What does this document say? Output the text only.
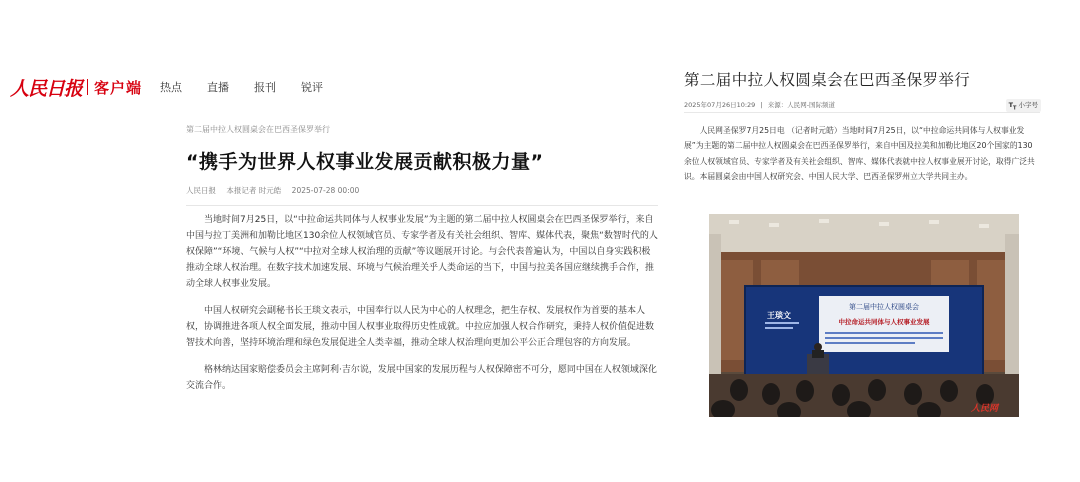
人民日报 客户端 热点 直播 报刊 锐评
第二届中拉人权圆桌会在巴西圣保罗举行
“携手为世界人权事业发展贡献积极力量”
人民日报 本报记者 时元皓 2025-07-28 00:00

当地时间7月25日，以“中拉命运共同体与人权事业发展”为主题的第二届中拉人权圆桌会在巴西圣保罗举行，来自中国与拉丁美洲和加勒比地区130余位人权领域官员、专家学者及有关社会组织、智库、媒体代表，聚焦“数智时代的人权保障”“环境、气候与人权”“中拉对全球人权治理的贡献”等议题展开讨论。与会代表普遍认为，中国以自身实践积极推动全球人权治理。在数字技术加速发展、环境与气候治理关乎人类命运的当下，中国与拉美各国应继续携手合作，推动全球人权事业发展。

中国人权研究会副秘书长王琰文表示，中国奉行以人民为中心的人权理念，把生存权、发展权作为首要的基本人权，协调推进各项人权全面发展，推动中国人权事业取得历史性成就。中拉应加强人权合作研究，秉持人权价值促进数智技术向善，坚持环境治理和绿色发展促进全人类幸福，推动全球人权治理向更加公平公正合理包容的方向发展。

格林纳达国家赔偿委员会主席阿利·吉尔说，发展中国家的发展历程与人权保障密不可分，愿同中国在人权领域深化交流合作。

第二届中拉人权圆桌会在巴西圣保罗举行
2025年07月26日10:29 | 来源：人民网-国际频道	$T_T$ 小字号

人民网圣保罗7月25日电 （记者时元皓）当地时间7月25日，以“中拉命运共同体与人权事业发展”为主题的第二届中拉人权圆桌会在巴西圣保罗举行，来自中国及拉美和加勒比地区20个国家的130余位人权领域官员、专家学者及有关社会组织、智库、媒体代表就中拉人权事业展开讨论，取得广泛共识。本届圆桌会由中国人权研究会、中国人民大学、巴西圣保罗州立大学共同主办。

第二届中拉人权圆桌会
中拉命运共同体与人权事业发展
王琰文
人民网
